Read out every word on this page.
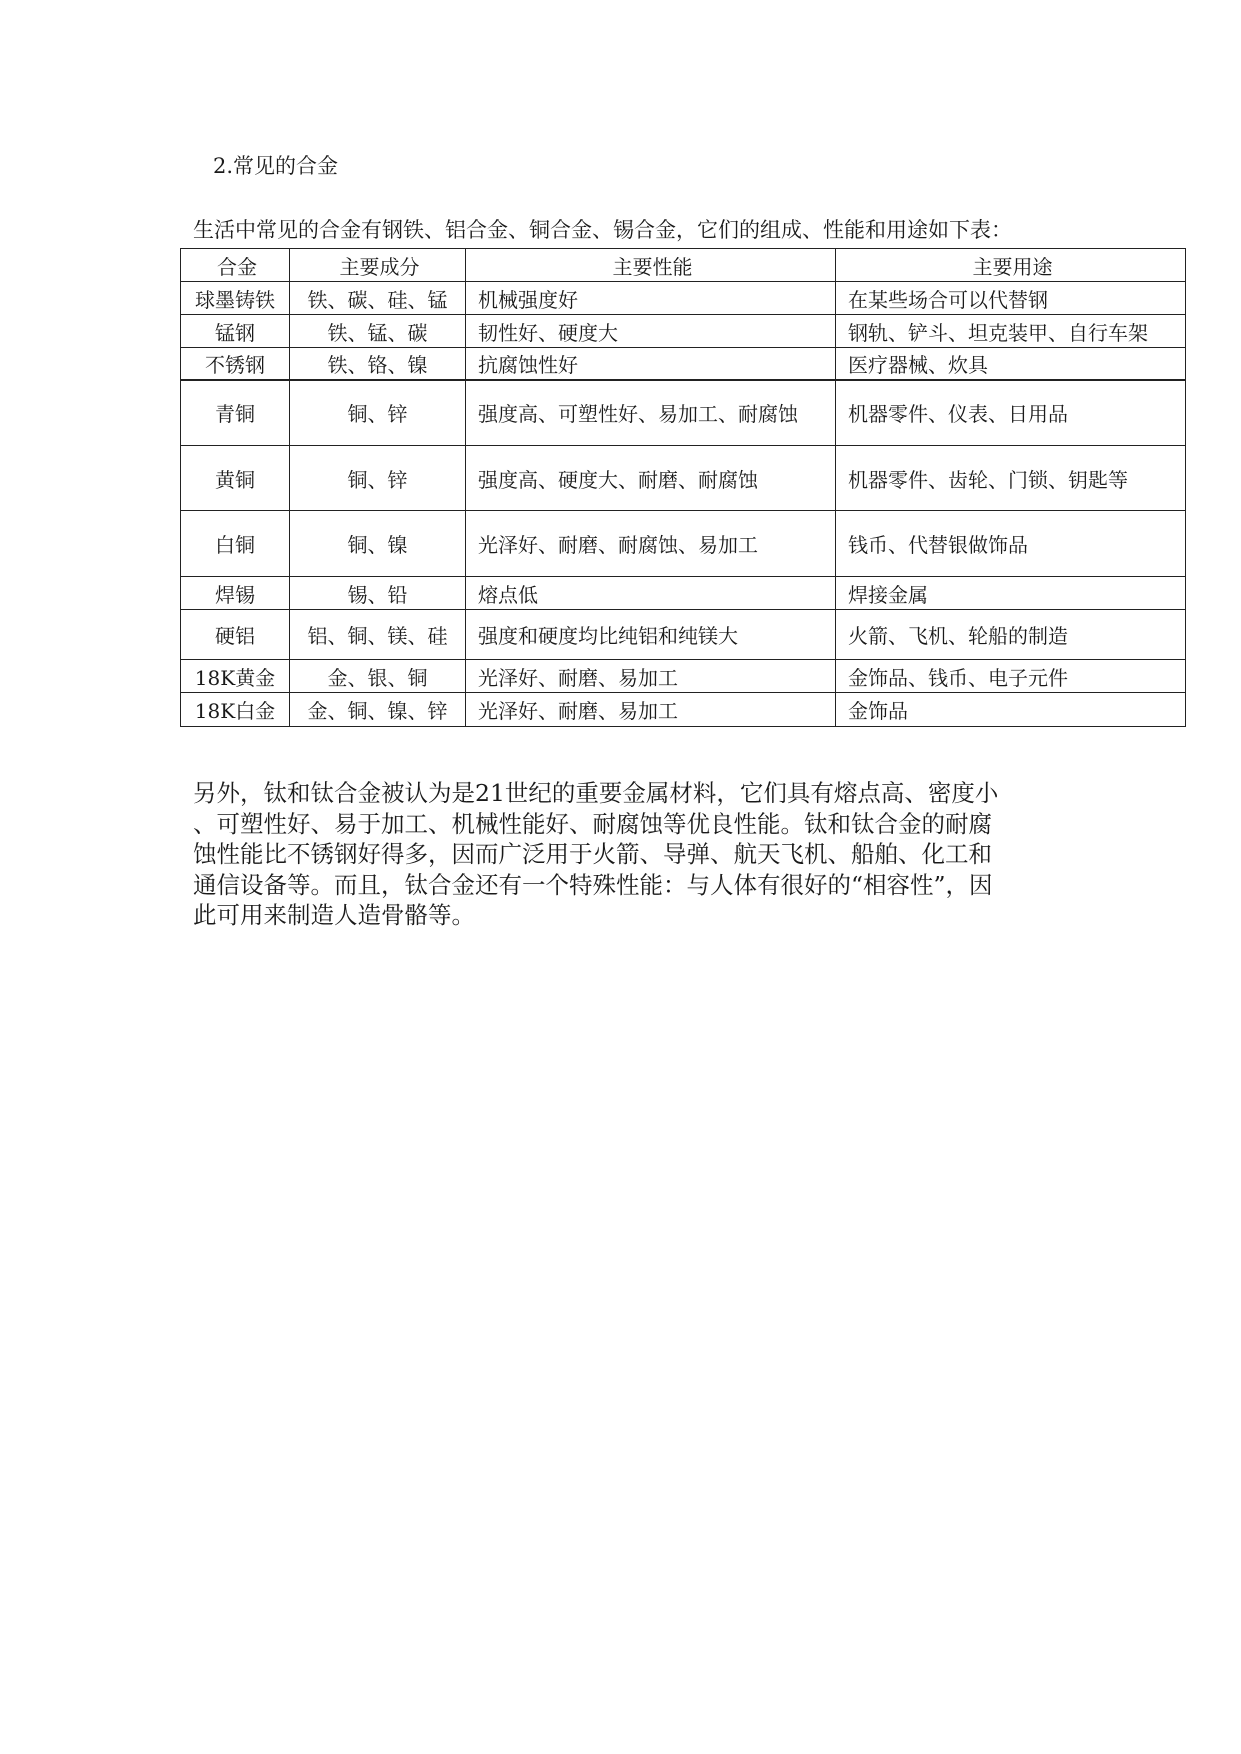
2.常见的合金
生活中常见的合金有钢铁、铝合金、铜合金、锡合金，它们的组成、性能和用途如下表：
合金	主要成分	主要性能	主要用途
球墨铸铁	铁、碳、硅、锰	机械强度好	在某些场合可以代替钢
锰钢	铁、锰、碳	韧性好、硬度大	钢轨、铲斗、坦克装甲、自行车架
不锈钢	铁、铬、镍	抗腐蚀性好	医疗器械、炊具
青铜	铜、锌	强度高、可塑性好、易加工、耐腐蚀	机器零件、仪表、日用品
黄铜	铜、锌	强度高、硬度大、耐磨、耐腐蚀	机器零件、齿轮、门锁、钥匙等
白铜	铜、镍	光泽好、耐磨、耐腐蚀、易加工	钱币、代替银做饰品
焊锡	锡、铅	熔点低	焊接金属
硬铝	铝、铜、镁、硅	强度和硬度均比纯铝和纯镁大	火箭、飞机、轮船的制造
18K黄金	金、银、铜	光泽好、耐磨、易加工	金饰品、钱币、电子元件
18K白金	金、铜、镍、锌	光泽好、耐磨、易加工	金饰品
另外，钛和钛合金被认为是21世纪的重要金属材料，它们具有熔点高、密度小
、可塑性好、易于加工、机械性能好、耐腐蚀等优良性能。钛和钛合金的耐腐
蚀性能比不锈钢好得多，因而广泛用于火箭、导弹、航天飞机、船舶、化工和
通信设备等。而且，钛合金还有一个特殊性能：与人体有很好的“相容性”，因
此可用来制造人造骨骼等。
